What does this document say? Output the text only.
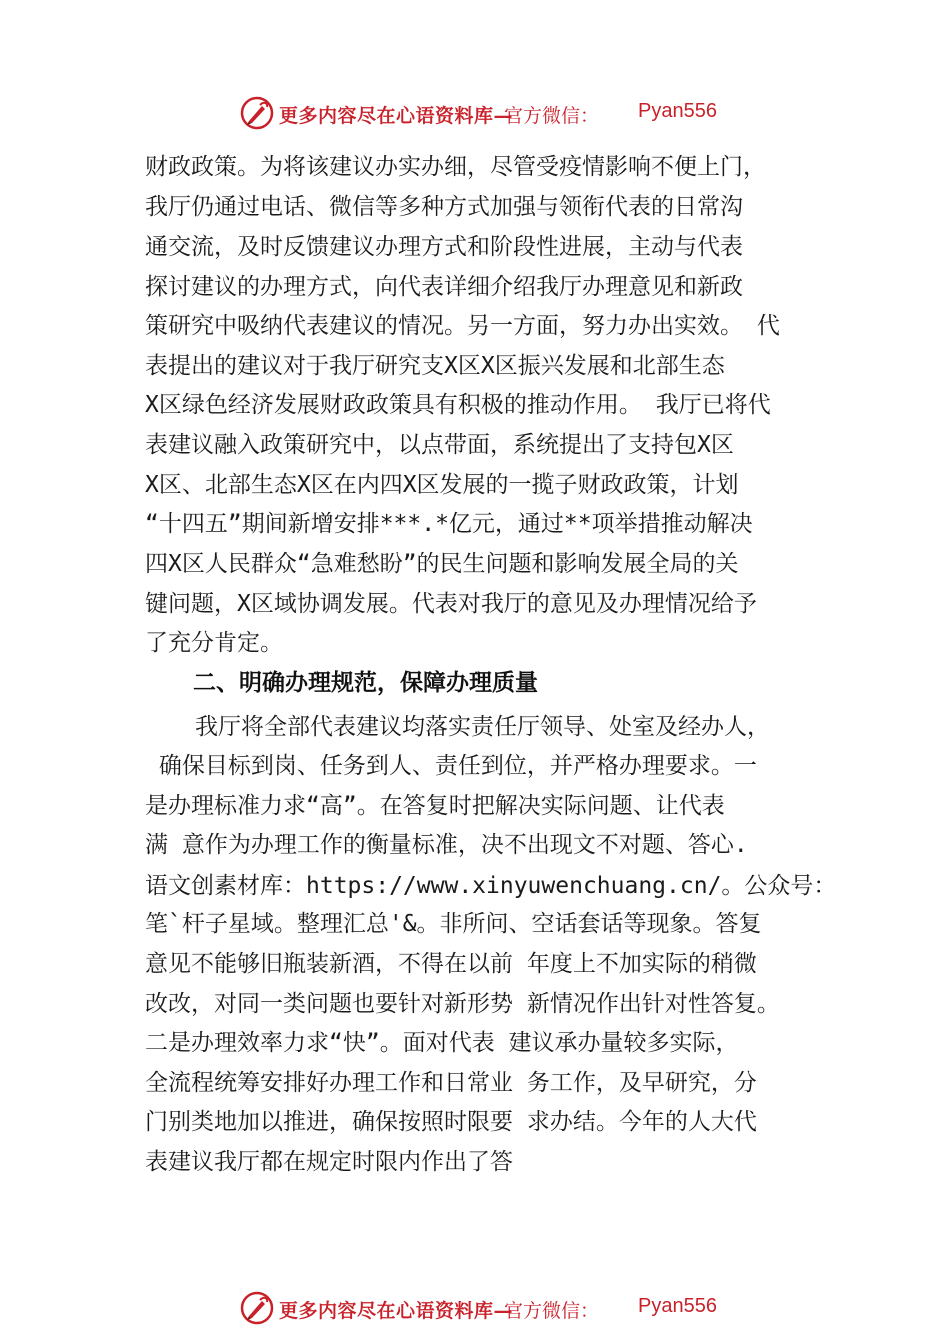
更多内容尽在心语资料库—
官方微信： Pyan556
财政政策。为将该建议办实办细，尽管受疫情影响不便上门，
我厅仍通过电话、微信等多种方式加强与领衔代表的日常沟
通交流，及时反馈建议办理方式和阶段性进展，主动与代表
探讨建议的办理方式，向代表详细介绍我厅办理意见和新政
策研究中吸纳代表建议的情况。另一方面，努力办出实效。 代
表提出的建议对于我厅研究支X区X区振兴发展和北部生态
X区绿色经济发展财政政策具有积极的推动作用。 我厅已将代
表建议融入政策研究中，以点带面，系统提出了支持包X区
X区、北部生态X区在内四X区发展的一揽子财政政策，计划
“十四五”期间新增安排***.*亿元，通过**项举措推动解决
四X区人民群众“急难愁盼”的民生问题和影响发展全局的关
键问题，X区域协调发展。代表对我厅的意见及办理情况给予
了充分肯定。
二、明确办理规范，保障办理质量
我厅将全部代表建议均落实责任厅领导、处室及经办人，
确保目标到岗、任务到人、责任到位，并严格办理要求。一
是办理标准力求“高”。在答复时把解决实际问题、让代表
满 意作为办理工作的衡量标准，决不出现文不对题、答心.
语文创素材库：https://www.xinyuwenchuang.cn/。公众号：
笔`杆子星域。整理汇总'&。非所问、空话套话等现象。答复
意见不能够旧瓶装新酒，不得在以前 年度上不加实际的稍微
改改，对同一类问题也要针对新形势 新情况作出针对性答复。
二是办理效率力求“快”。面对代表 建议承办量较多实际，
全流程统筹安排好办理工作和日常业 务工作，及早研究，分
门别类地加以推进，确保按照时限要 求办结。今年的人大代
表建议我厅都在规定时限内作出了答
更多内容尽在心语资料库—
官方微信： Pyan556
